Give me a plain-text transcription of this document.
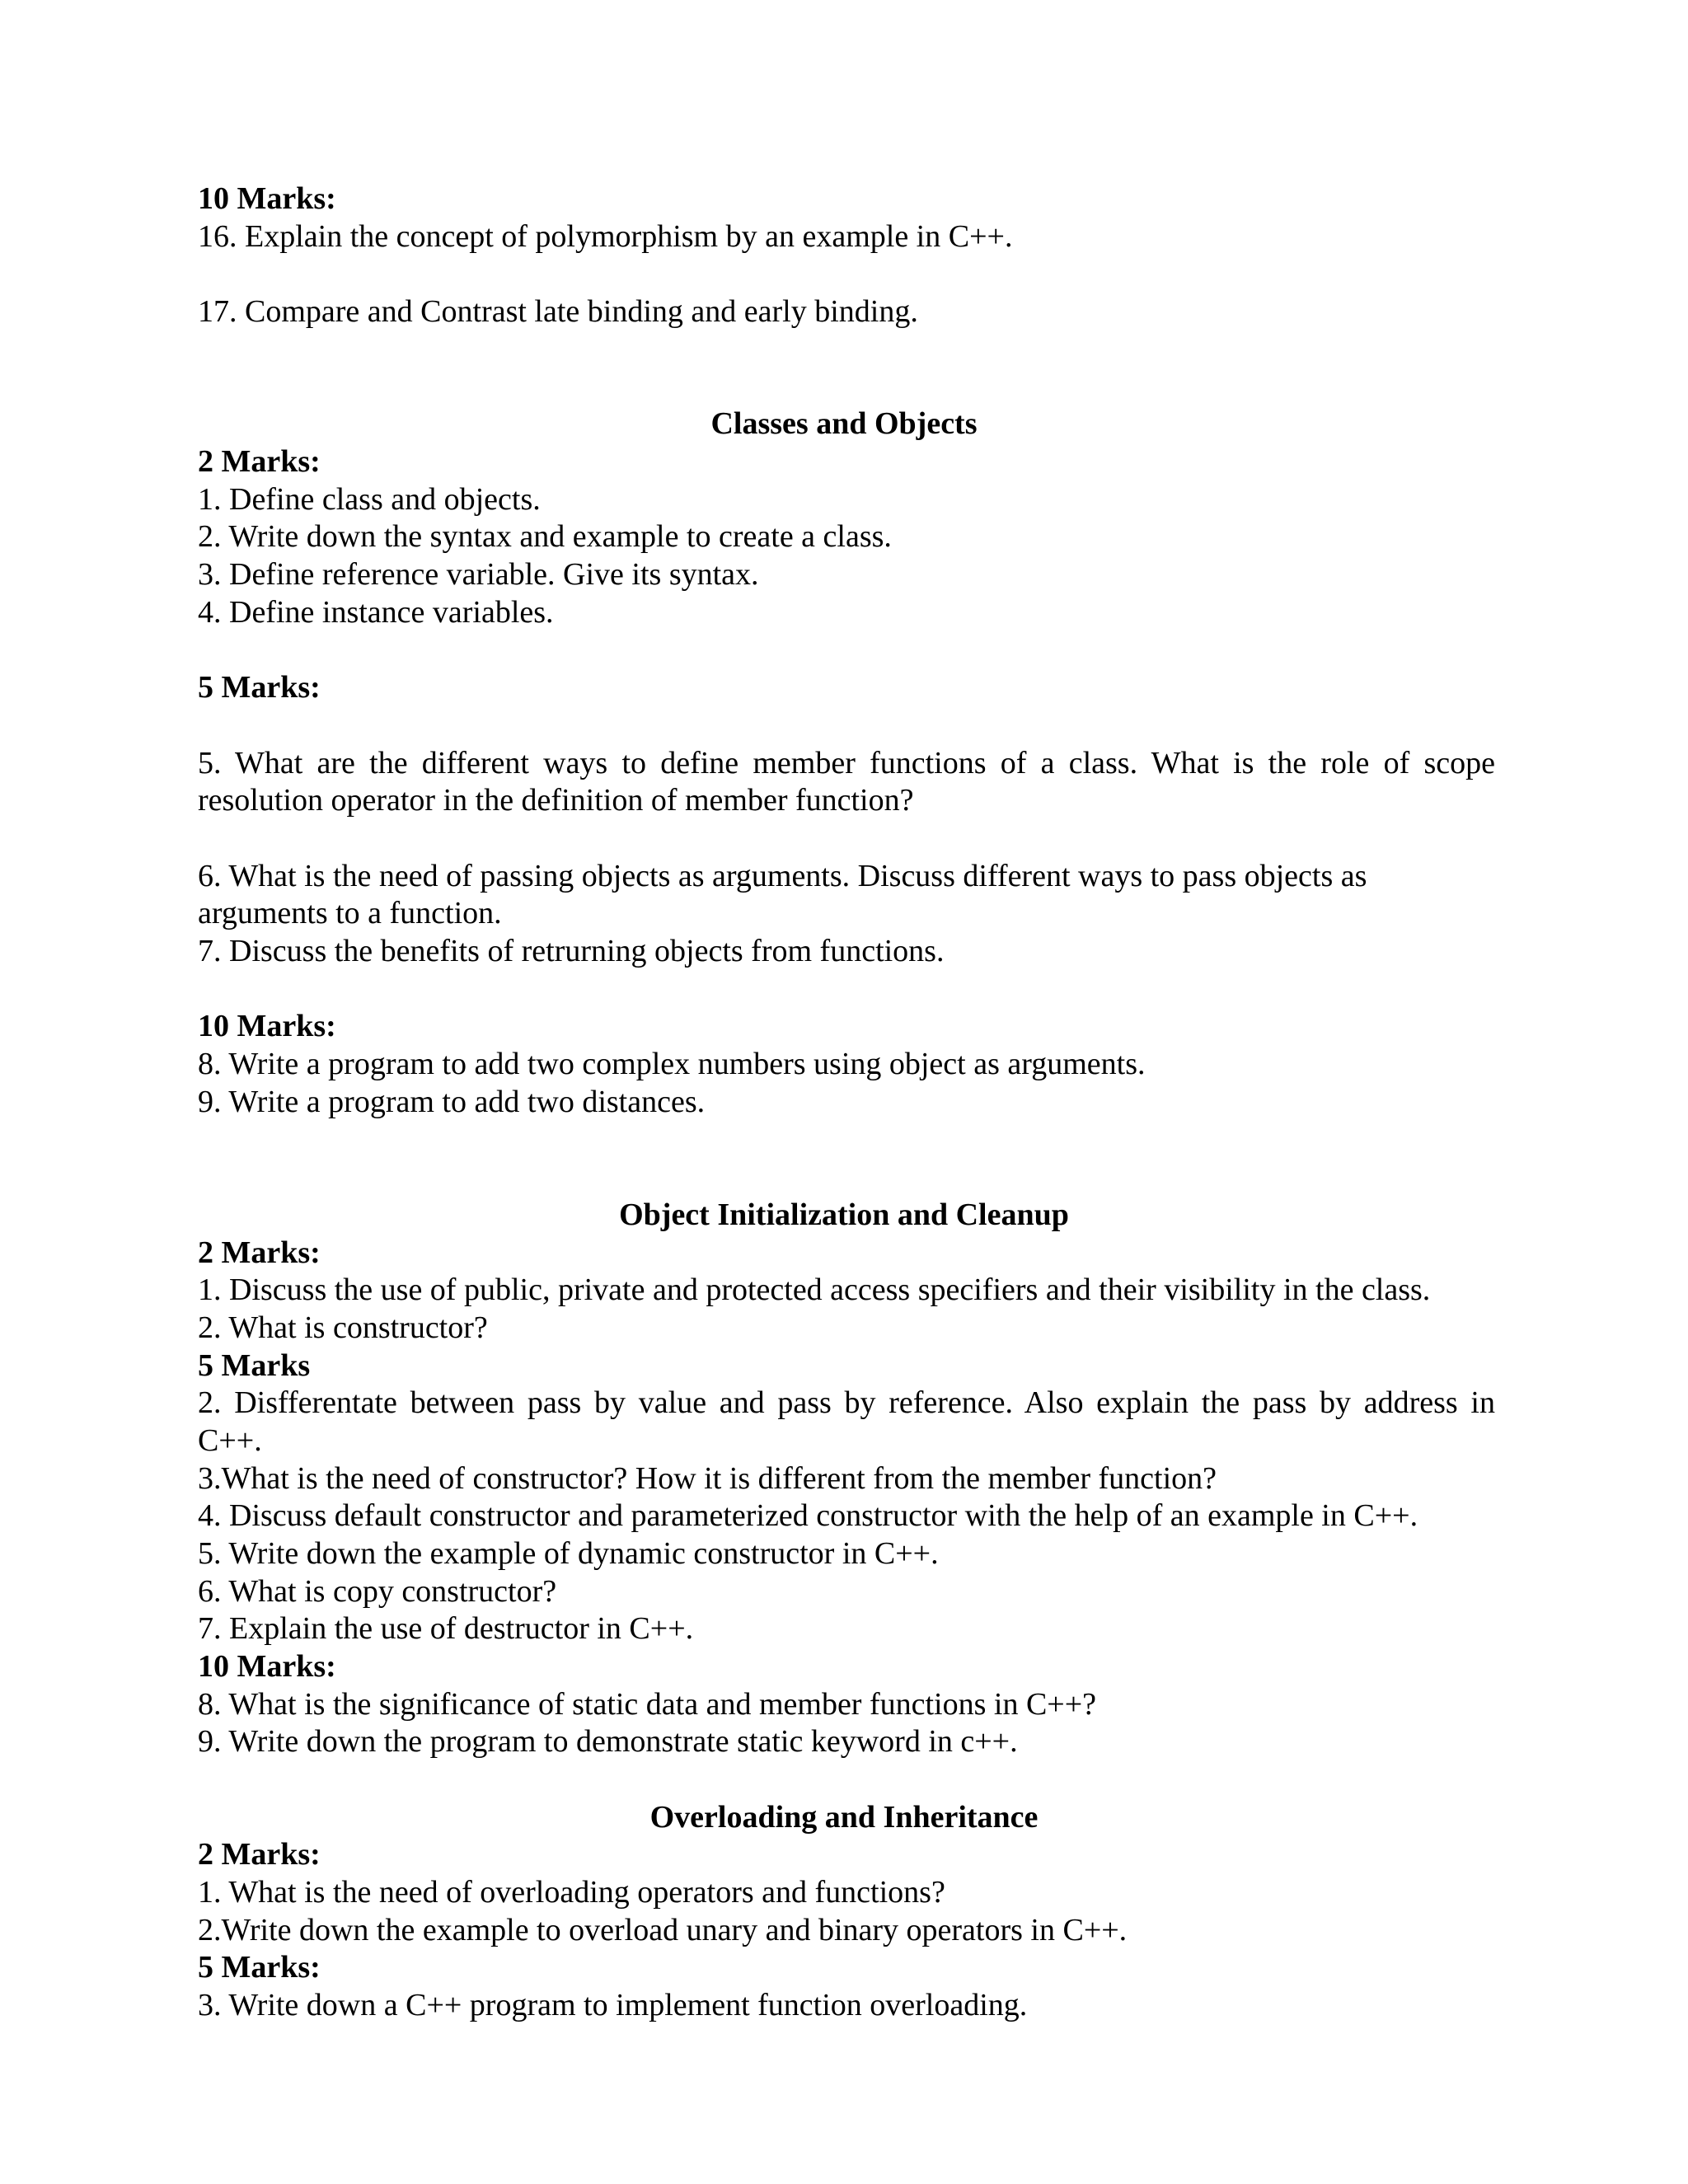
10 Marks:

16. Explain the concept of polymorphism by an example in C++.

17. Compare and Contrast late binding and early binding.

Classes and Objects

2 Marks:

1. Define class and objects.

2. Write down the syntax and example to create a class.

3. Define reference variable. Give its syntax.

4. Define instance variables.

5 Marks:

5. What are the different ways to define member functions of a class. What is the role of scope

resolution operator in the definition of member function?

6. What is the need of passing objects as arguments. Discuss different ways to pass objects as

arguments to a function.

7. Discuss the benefits of retrurning objects from functions.

10 Marks:

8. Write a program to add two complex numbers using object as arguments.

9. Write a program to add two distances.

Object Initialization and Cleanup

2 Marks:

1. Discuss the use of public, private and protected access specifiers and their visibility in the class.

2. What is constructor?

5 Marks

2. Disfferentate between pass by value and pass by reference. Also explain the pass by address in

C++.

3.What is the need of constructor? How it is different from the member function?

4. Discuss default constructor and parameterized constructor with the help of an example in C++.

5. Write down the example of dynamic constructor in C++.

6. What is copy constructor?

7. Explain the use of destructor in C++.

10 Marks:

8. What is the significance of static data and member functions in C++?

9. Write down the program to demonstrate static keyword in c++.

Overloading and Inheritance

2 Marks:

1. What is the need of overloading operators and functions?

2.Write down the example to overload unary and binary operators in C++.

5 Marks:

3. Write down a C++ program to implement function overloading.
